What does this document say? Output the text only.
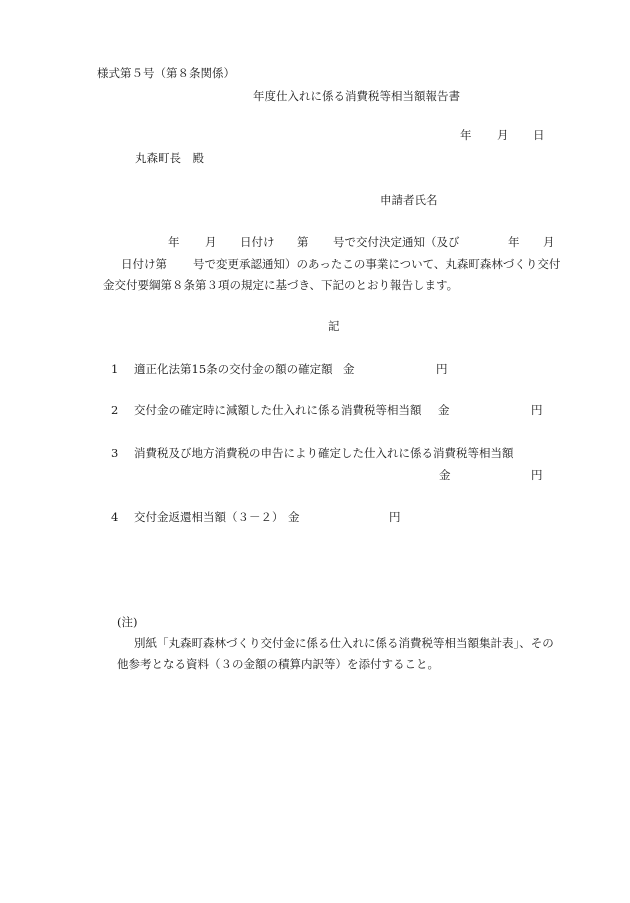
様式第５号（第８条関係）
年度仕入れに係る消費税等相当額報告書
年 月 日
丸森町長　殿
申請者氏名
年 月 日付け 第 号で交付決定通知（及び	年 月
日付け第 号で変更承認通知）のあったこの事業について、丸森町森林づくり交付
金交付要綱第８条第３項の規定に基づき、下記のとおり報告します。
記
1 適正化法第15条の交付金の額の確定額 金	円
2 交付金の確定時に減額した仕入れに係る消費税等相当額 金	円
3 消費税及び地方消費税の申告により確定した仕入れに係る消費税等相当額
金	円
4 交付金返還相当額（３－２） 金	円
(注)
別紙「丸森町森林づくり交付金に係る仕入れに係る消費税等相当額集計表」、その
他参考となる資料（３の金額の積算内訳等）を添付すること。
